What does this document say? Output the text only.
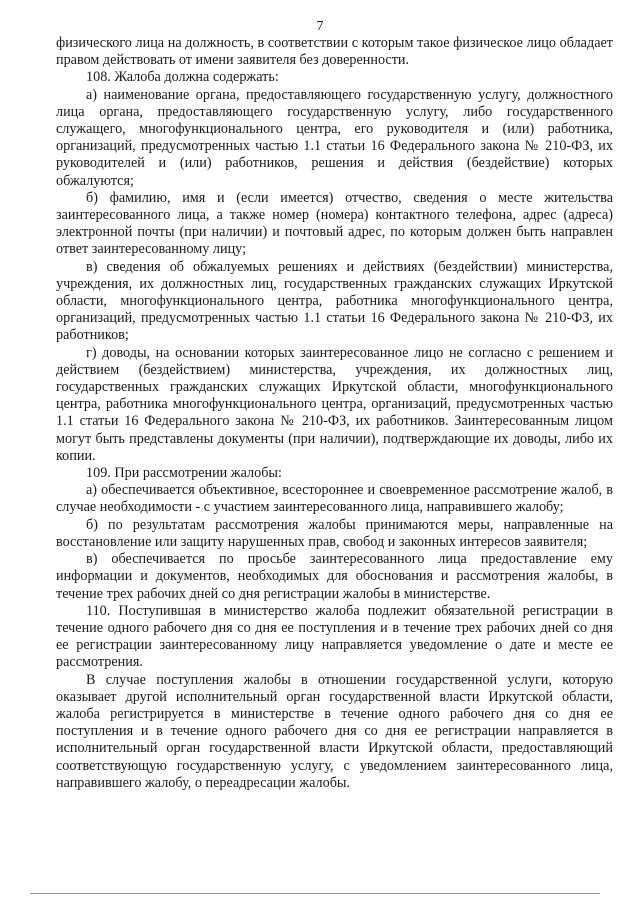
7

физического лица на должность, в соответствии с которым такое физическое лицо обладает правом действовать от имени заявителя без доверенности.

108. Жалоба должна содержать:

а) наименование органа, предоставляющего государственную услугу, должностного лица органа, предоставляющего государственную услугу, либо государственного служащего, многофункционального центра, его руководителя и (или) работника, организаций, предусмотренных частью 1.1 статьи 16 Федерального закона № 210-ФЗ, их руководителей и (или) работников, решения и действия (бездействие) которых обжалуются;

б) фамилию, имя и (если имеется) отчество, сведения о месте жительства заинтересованного лица, а также номер (номера) контактного телефона, адрес (адреса) электронной почты (при наличии) и почтовый адрес, по которым должен быть направлен ответ заинтересованному лицу;

в) сведения об обжалуемых решениях и действиях (бездействии) министерства, учреждения, их должностных лиц, государственных гражданских служащих Иркутской области, многофункционального центра, работника многофункционального центра, организаций, предусмотренных частью 1.1 статьи 16 Федерального закона № 210-ФЗ, их работников;

г) доводы, на основании которых заинтересованное лицо не согласно с решением и действием (бездействием) министерства, учреждения, их должностных лиц, государственных гражданских служащих Иркутской области, многофункционального центра, работника многофункционального центра, организаций, предусмотренных частью 1.1 статьи 16 Федерального закона № 210-ФЗ, их работников. Заинтересованным лицом могут быть представлены документы (при наличии), подтверждающие их доводы, либо их копии.

109. При рассмотрении жалобы:

а) обеспечивается объективное, всестороннее и своевременное рассмотрение жалоб, в случае необходимости - с участием заинтересованного лица, направившего жалобу;

б) по результатам рассмотрения жалобы принимаются меры, направленные на восстановление или защиту нарушенных прав, свобод и законных интересов заявителя;

в) обеспечивается по просьбе заинтересованного лица предоставление ему информации и документов, необходимых для обоснования и рассмотрения жалобы, в течение трех рабочих дней со дня регистрации жалобы в министерстве.

110. Поступившая в министерство жалоба подлежит обязательной регистрации в течение одного рабочего дня со дня ее поступления и в течение трех рабочих дней со дня ее регистрации заинтересованному лицу направляется уведомление о дате и месте ее рассмотрения.

В случае поступления жалобы в отношении государственной услуги, которую оказывает другой исполнительный орган государственной власти Иркутской области, жалоба регистрируется в министерстве в течение одного рабочего дня со дня ее поступления и в течение одного рабочего дня со дня ее регистрации направляется в исполнительный орган государственной власти Иркутской области, предоставляющий соответствующую государственную услугу, с уведомлением заинтересованного лица, направившего жалобу, о переадресации жалобы.
